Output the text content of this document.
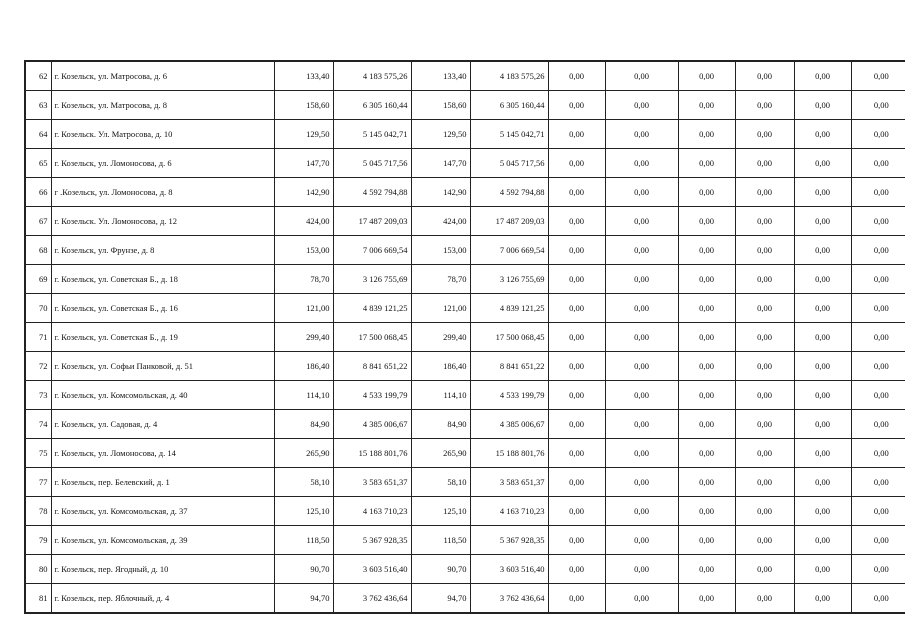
62	г. Козельск, ул. Матросова, д. 6	133,40	4 183 575,26	133,40	4 183 575,26	0,00	0,00	0,00	0,00	0,00	0,00
63	г. Козельск, ул. Матросова, д. 8	158,60	6 305 160,44	158,60	6 305 160,44	0,00	0,00	0,00	0,00	0,00	0,00
64	г. Козельск. Ул. Матросова, д. 10	129,50	5 145 042,71	129,50	5 145 042,71	0,00	0,00	0,00	0,00	0,00	0,00
65	г. Козельск, ул. Ломоносова, д. 6	147,70	5 045 717,56	147,70	5 045 717,56	0,00	0,00	0,00	0,00	0,00	0,00
66	г .Козельск, ул. Ломоносова, д. 8	142,90	4 592 794,88	142,90	4 592 794,88	0,00	0,00	0,00	0,00	0,00	0,00
67	г. Козельск. Ул. Ломоносова, д. 12	424,00	17 487 209,03	424,00	17 487 209,03	0,00	0,00	0,00	0,00	0,00	0,00
68	г. Козельск, ул. Фрунзе, д. 8	153,00	7 006 669,54	153,00	7 006 669,54	0,00	0,00	0,00	0,00	0,00	0,00
69	г. Козельск, ул. Советская Б., д. 18	78,70	3 126 755,69	78,70	3 126 755,69	0,00	0,00	0,00	0,00	0,00	0,00
70	г. Козельск, ул. Советская Б., д. 16	121,00	4 839 121,25	121,00	4 839 121,25	0,00	0,00	0,00	0,00	0,00	0,00
71	г. Козельск, ул. Советская Б., д. 19	299,40	17 500 068,45	299,40	17 500 068,45	0,00	0,00	0,00	0,00	0,00	0,00
72	г. Козельск, ул. Софьи Панковой, д. 51	186,40	8 841 651,22	186,40	8 841 651,22	0,00	0,00	0,00	0,00	0,00	0,00
73	г. Козельск, ул. Комсомольская, д. 40	114,10	4 533 199,79	114,10	4 533 199,79	0,00	0,00	0,00	0,00	0,00	0,00
74	г. Козельск, ул. Садовая, д. 4	84,90	4 385 006,67	84,90	4 385 006,67	0,00	0,00	0,00	0,00	0,00	0,00
75	г. Козельск, ул. Ломоносова, д. 14	265,90	15 188 801,76	265,90	15 188 801,76	0,00	0,00	0,00	0,00	0,00	0,00
77	г. Козельск, пер. Белевский, д. 1	58,10	3 583 651,37	58,10	3 583 651,37	0,00	0,00	0,00	0,00	0,00	0,00
78	г. Козельск, ул. Комсомольская, д. 37	125,10	4 163 710,23	125,10	4 163 710,23	0,00	0,00	0,00	0,00	0,00	0,00
79	г. Козельск, ул. Комсомольская, д. 39	118,50	5 367 928,35	118,50	5 367 928,35	0,00	0,00	0,00	0,00	0,00	0,00
80	г. Козельск, пер. Ягодный, д. 10	90,70	3 603 516,40	90,70	3 603 516,40	0,00	0,00	0,00	0,00	0,00	0,00
81	г. Козельск, пер. Яблочный, д. 4	94,70	3 762 436,64	94,70	3 762 436,64	0,00	0,00	0,00	0,00	0,00	0,00
